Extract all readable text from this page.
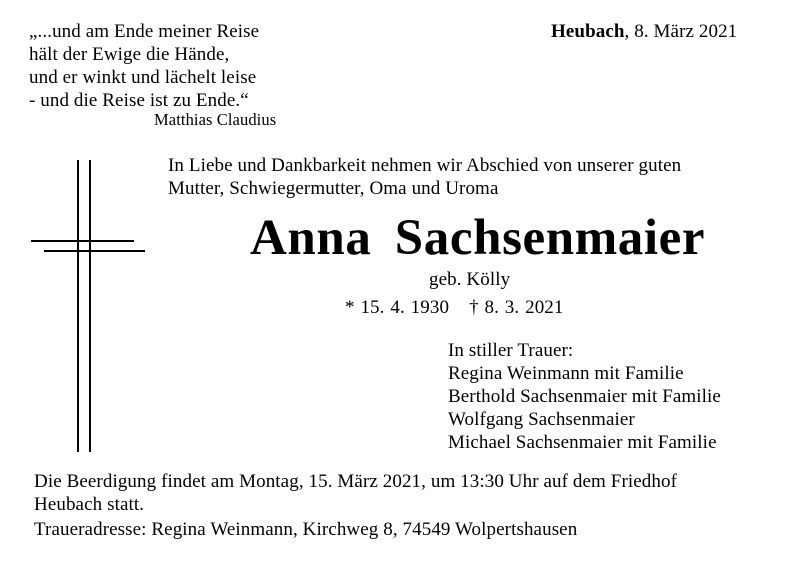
„...und am Ende meiner Reise
hält der Ewige die Hände,
und er winkt und lächelt leise
- und die Reise ist zu Ende.“
Matthias Claudius
Heubach, 8. März 2021
In Liebe und Dankbarkeit nehmen wir Abschied von unserer guten
Mutter, Schwiegermutter, Oma und Uroma
Anna Sachsenmaier
geb. Kölly
* 15. 4. 1930 † 8. 3. 2021
In stiller Trauer:
Regina Weinmann mit Familie
Berthold Sachsenmaier mit Familie
Wolfgang Sachsenmaier
Michael Sachsenmaier mit Familie
Die Beerdigung findet am Montag, 15. März 2021, um 13:30 Uhr auf dem Friedhof
Heubach statt.
Traueradresse: Regina Weinmann, Kirchweg 8, 74549 Wolpertshausen
